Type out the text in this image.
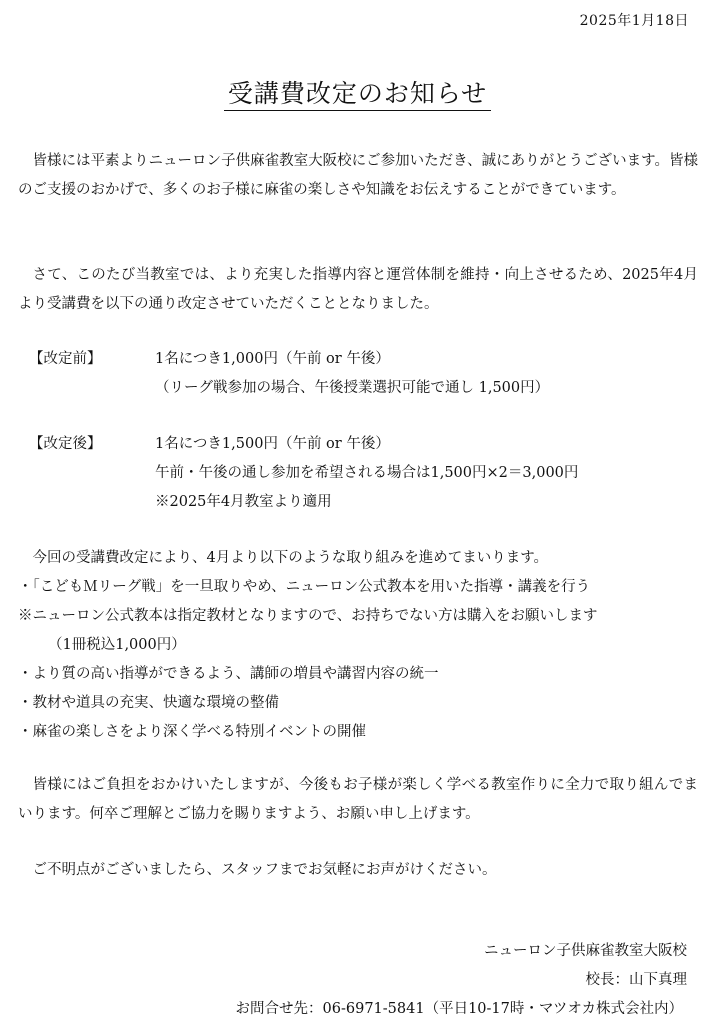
2025年1月18日
受講費改定のお知らせ
皆様には平素よりニューロン子供麻雀教室大阪校にご参加いただき、誠にありがとうございます。皆様のご支援のおかげで、多くのお子様に麻雀の楽しさや知識をお伝えすることができています。
さて、このたび当教室では、より充実した指導内容と運営体制を維持・向上させるため、2025年4月より受講費を以下の通り改定させていただくこととなりました。
【改定前】	1名につき1,000円（午前 or 午後）
（リーグ戦参加の場合、午後授業選択可能で通し 1,500円）
【改定後】	1名につき1,500円（午前 or 午後）
午前・午後の通し参加を希望される場合は1,500円×2＝3,000円
※2025年4月教室より適用
今回の受講費改定により、4月より以下のような取り組みを進めてまいります。
・「こどもＭリーグ戦」を一旦取りやめ、ニューロン公式教本を用いた指導・講義を行う
※ニューロン公式教本は指定教材となりますので、お持ちでない方は購入をお願いします
（1冊税込1,000円）
・より質の高い指導ができるよう、講師の増員や講習内容の統一
・教材や道具の充実、快適な環境の整備
・麻雀の楽しさをより深く学べる特別イベントの開催
皆様にはご負担をおかけいたしますが、今後もお子様が楽しく学べる教室作りに全力で取り組んでまいります。何卒ご理解とご協力を賜りますよう、お願い申し上げます。
ご不明点がございましたら、スタッフまでお気軽にお声がけください。
ニューロン子供麻雀教室大阪校
校長：山下真理
お問合せ先：06-6971-5841（平日10-17時・マツオカ株式会社内）
